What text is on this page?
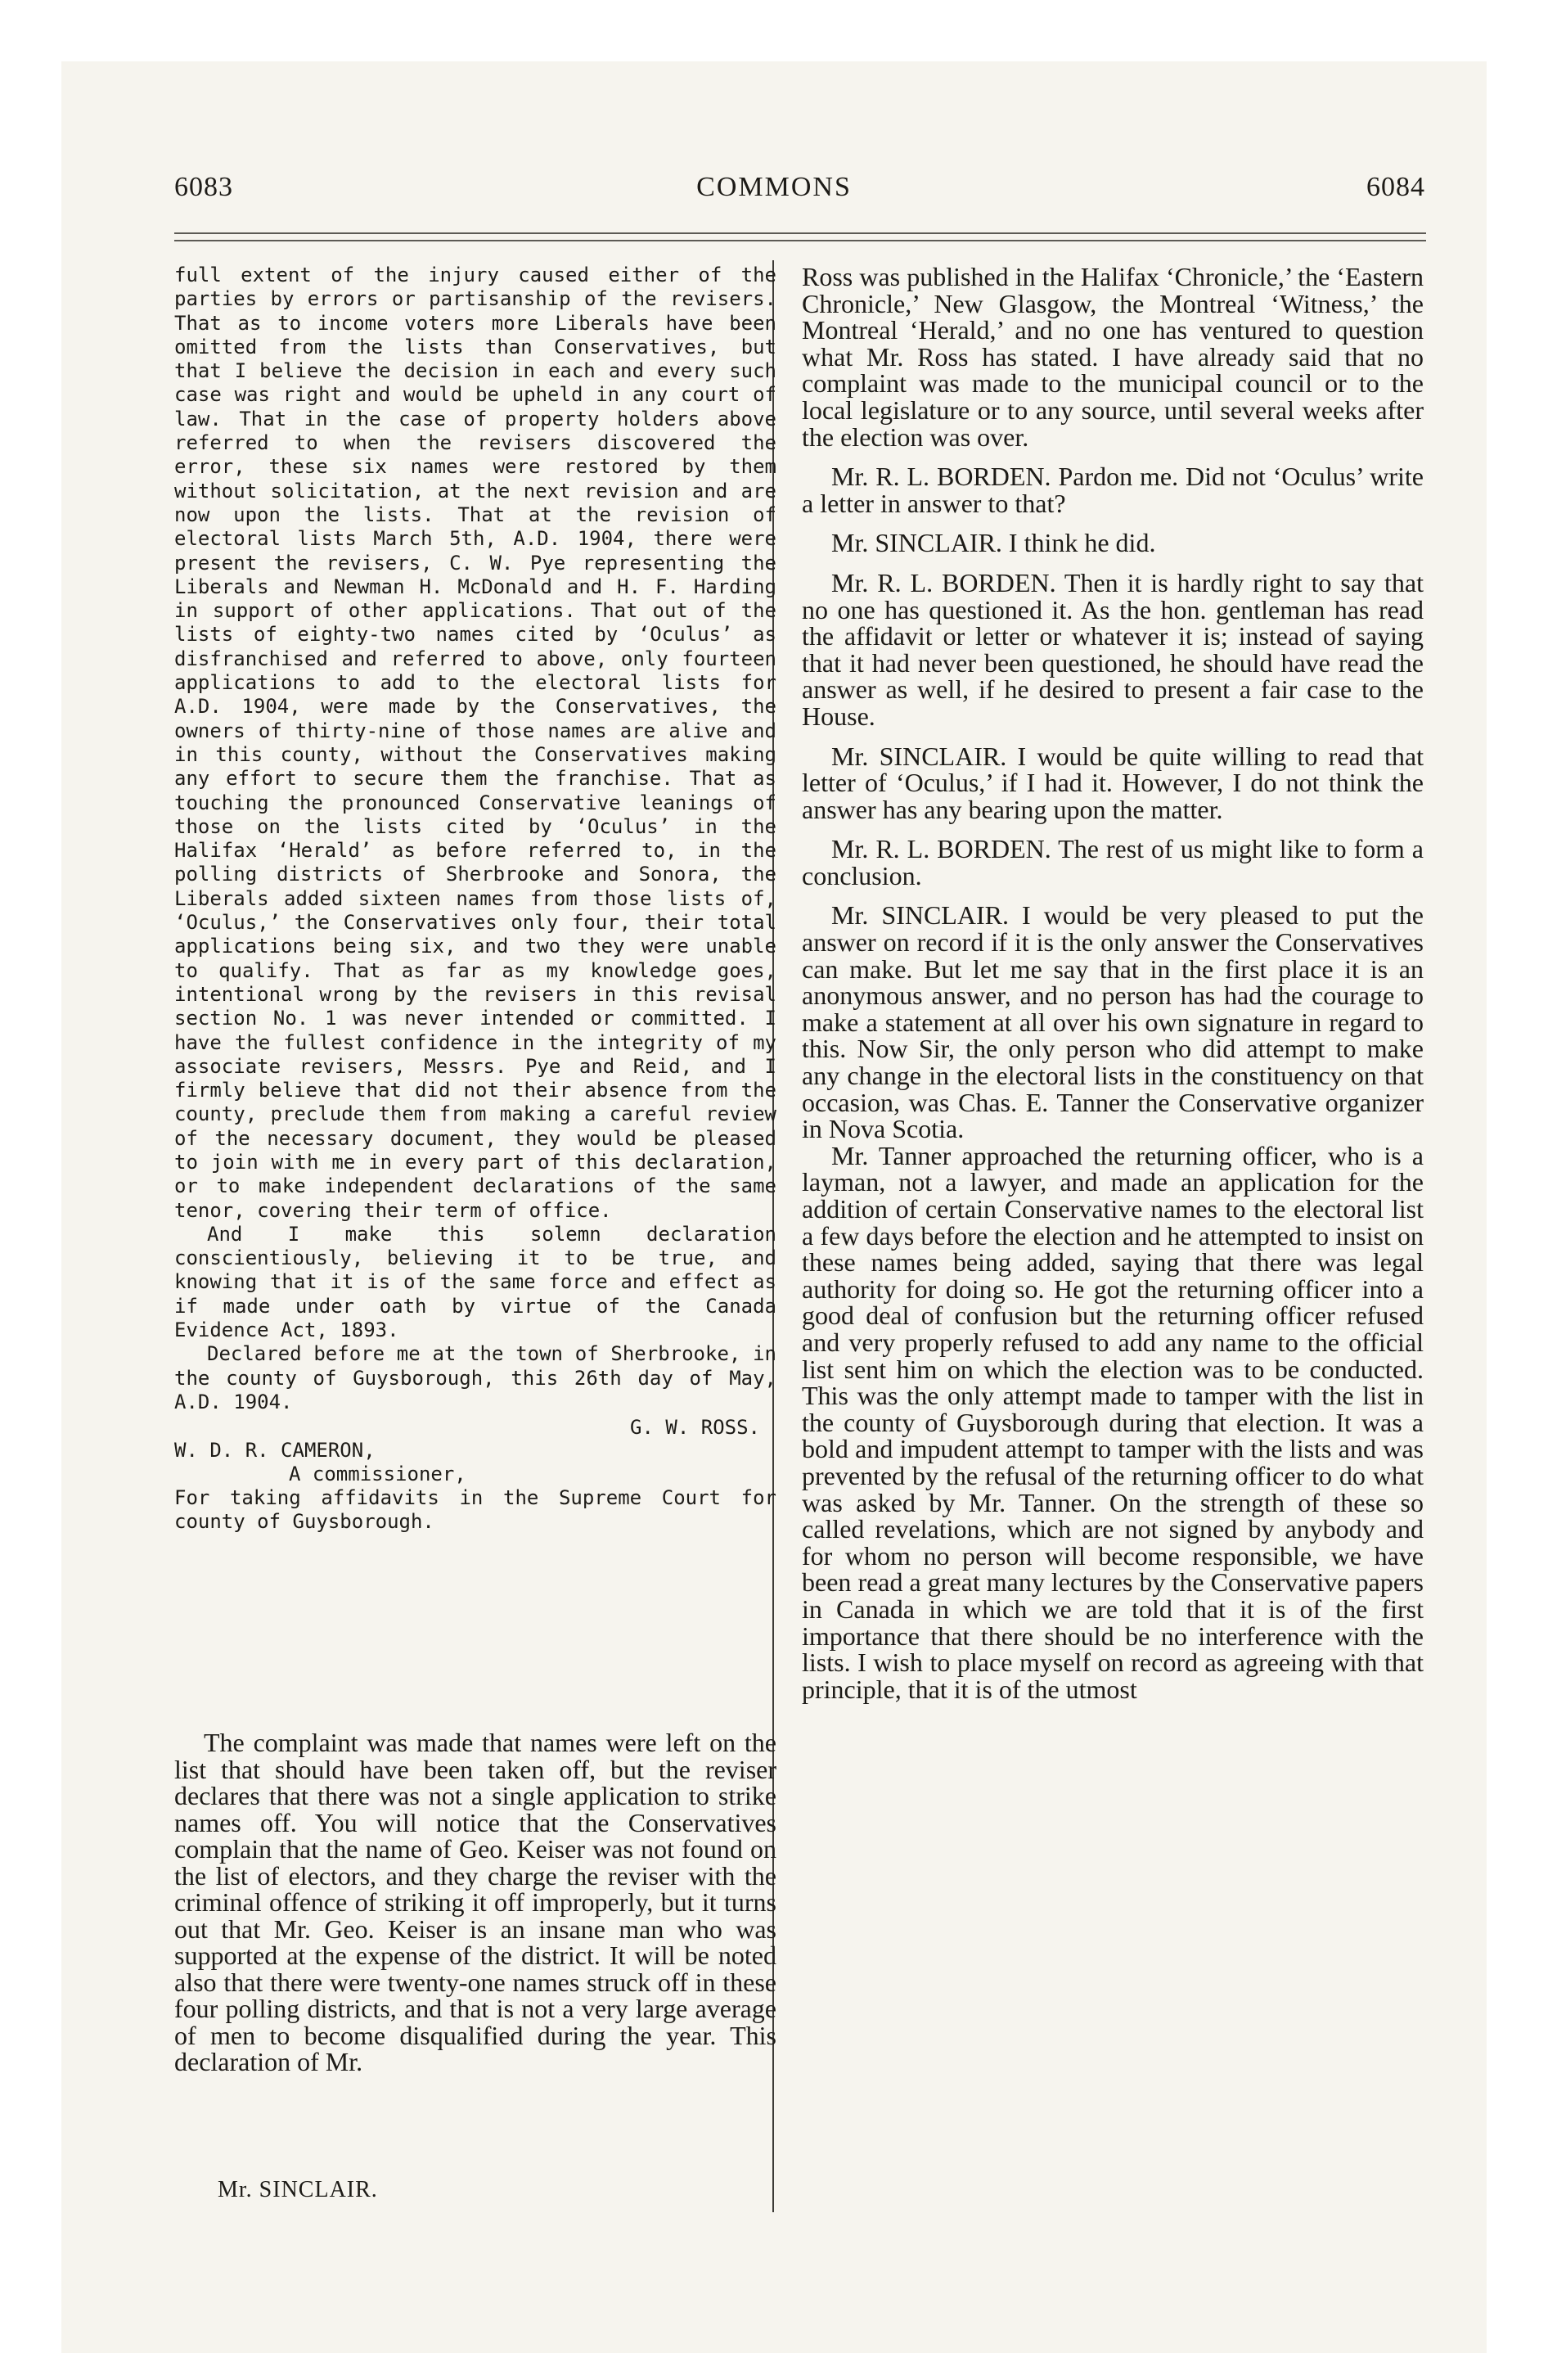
6083	COMMONS	6084

full extent of the injury caused either of the parties by errors or partisanship of the revisers. That as to income voters more Liberals have been omitted from the lists than Conservatives, but that I believe the decision in each and every such case was right and would be upheld in any court of law. That in the case of property holders above referred to when the revisers discovered the error, these six names were restored by them without solicitation, at the next revision and are now upon the lists. That at the revision of electoral lists March 5th, A.D. 1904, there were present the revisers, C. W. Pye representing the Liberals and Newman H. McDonald and H. F. Harding in support of other applications. That out of the lists of eighty-two names cited by ‘Oculus’ as disfranchised and referred to above, only fourteen applications to add to the electoral lists for A.D. 1904, were made by the Conservatives, the owners of thirty-nine of those names are alive and in this county, without the Conservatives making any effort to secure them the franchise. That as touching the pronounced Conservative leanings of those on the lists cited by ‘Oculus’ in the Halifax ‘Herald’ as before referred to, in the polling districts of Sherbrooke and Sonora, the Liberals added sixteen names from those lists of, ‘Oculus,’ the Conservatives only four, their total applications being six, and two they were unable to qualify. That as far as my knowledge goes, intentional wrong by the revisers in this revisal section No. 1 was never intended or committed. I have the fullest confidence in the integrity of my associate revisers, Messrs. Pye and Reid, and I firmly believe that did not their absence from the county, preclude them from making a careful review of the necessary document, they would be pleased to join with me in every part of this declaration, or to make independent declarations of the same tenor, covering their term of office.

And I make this solemn declaration conscientiously, believing it to be true, and knowing that it is of the same force and effect as if made under oath by virtue of the Canada Evidence Act, 1893.

Declared before me at the town of Sherbrooke, in the county of Guysborough, this 26th day of May, A.D. 1904.

G. W. ROSS.

W. D. R. CAMERON,

A commissioner,

For taking affidavits in the Supreme Court for county of Guysborough.

The complaint was made that names were left on the list that should have been taken off, but the reviser declares that there was not a single application to strike names off. You will notice that the Conservatives complain that the name of Geo. Keiser was not found on the list of electors, and they charge the reviser with the criminal offence of striking it off improperly, but it turns out that Mr. Geo. Keiser is an insane man who was supported at the expense of the district. It will be noted also that there were twenty-one names struck off in these four polling districts, and that is not a very large average of men to become disqualified during the year. This declaration of Mr.

Mr. SINCLAIR.

Ross was published in the Halifax ‘Chronicle,’ the ‘Eastern Chronicle,’ New Glasgow, the Montreal ‘Witness,’ the Montreal ‘Herald,’ and no one has ventured to question what Mr. Ross has stated. I have already said that no complaint was made to the municipal council or to the local legislature or to any source, until several weeks after the election was over.

Mr. R. L. BORDEN. Pardon me. Did not ‘Oculus’ write a letter in answer to that?

Mr. SINCLAIR. I think he did.

Mr. R. L. BORDEN. Then it is hardly right to say that no one has questioned it. As the hon. gentleman has read the affidavit or letter or whatever it is; instead of saying that it had never been questioned, he should have read the answer as well, if he desired to present a fair case to the House.

Mr. SINCLAIR. I would be quite willing to read that letter of ‘Oculus,’ if I had it. However, I do not think the answer has any bearing upon the matter.

Mr. R. L. BORDEN. The rest of us might like to form a conclusion.

Mr. SINCLAIR. I would be very pleased to put the answer on record if it is the only answer the Conservatives can make. But let me say that in the first place it is an anonymous answer, and no person has had the courage to make a statement at all over his own signature in regard to this. Now Sir, the only person who did attempt to make any change in the electoral lists in the constituency on that occasion, was Chas. E. Tanner the Conservative organizer in Nova Scotia.

Mr. Tanner approached the returning officer, who is a layman, not a lawyer, and made an application for the addition of certain Conservative names to the electoral list a few days before the election and he attempted to insist on these names being added, saying that there was legal authority for doing so. He got the returning officer into a good deal of confusion but the returning officer refused and very properly refused to add any name to the official list sent him on which the election was to be conducted. This was the only attempt made to tamper with the list in the county of Guysborough during that election. It was a bold and impudent attempt to tamper with the lists and was prevented by the refusal of the returning officer to do what was asked by Mr. Tanner. On the strength of these so called revelations, which are not signed by anybody and for whom no person will become responsible, we have been read a great many lectures by the Conservative papers in Canada in which we are told that it is of the first importance that there should be no interference with the lists. I wish to place myself on record as agreeing with that principle, that it is of the utmost
